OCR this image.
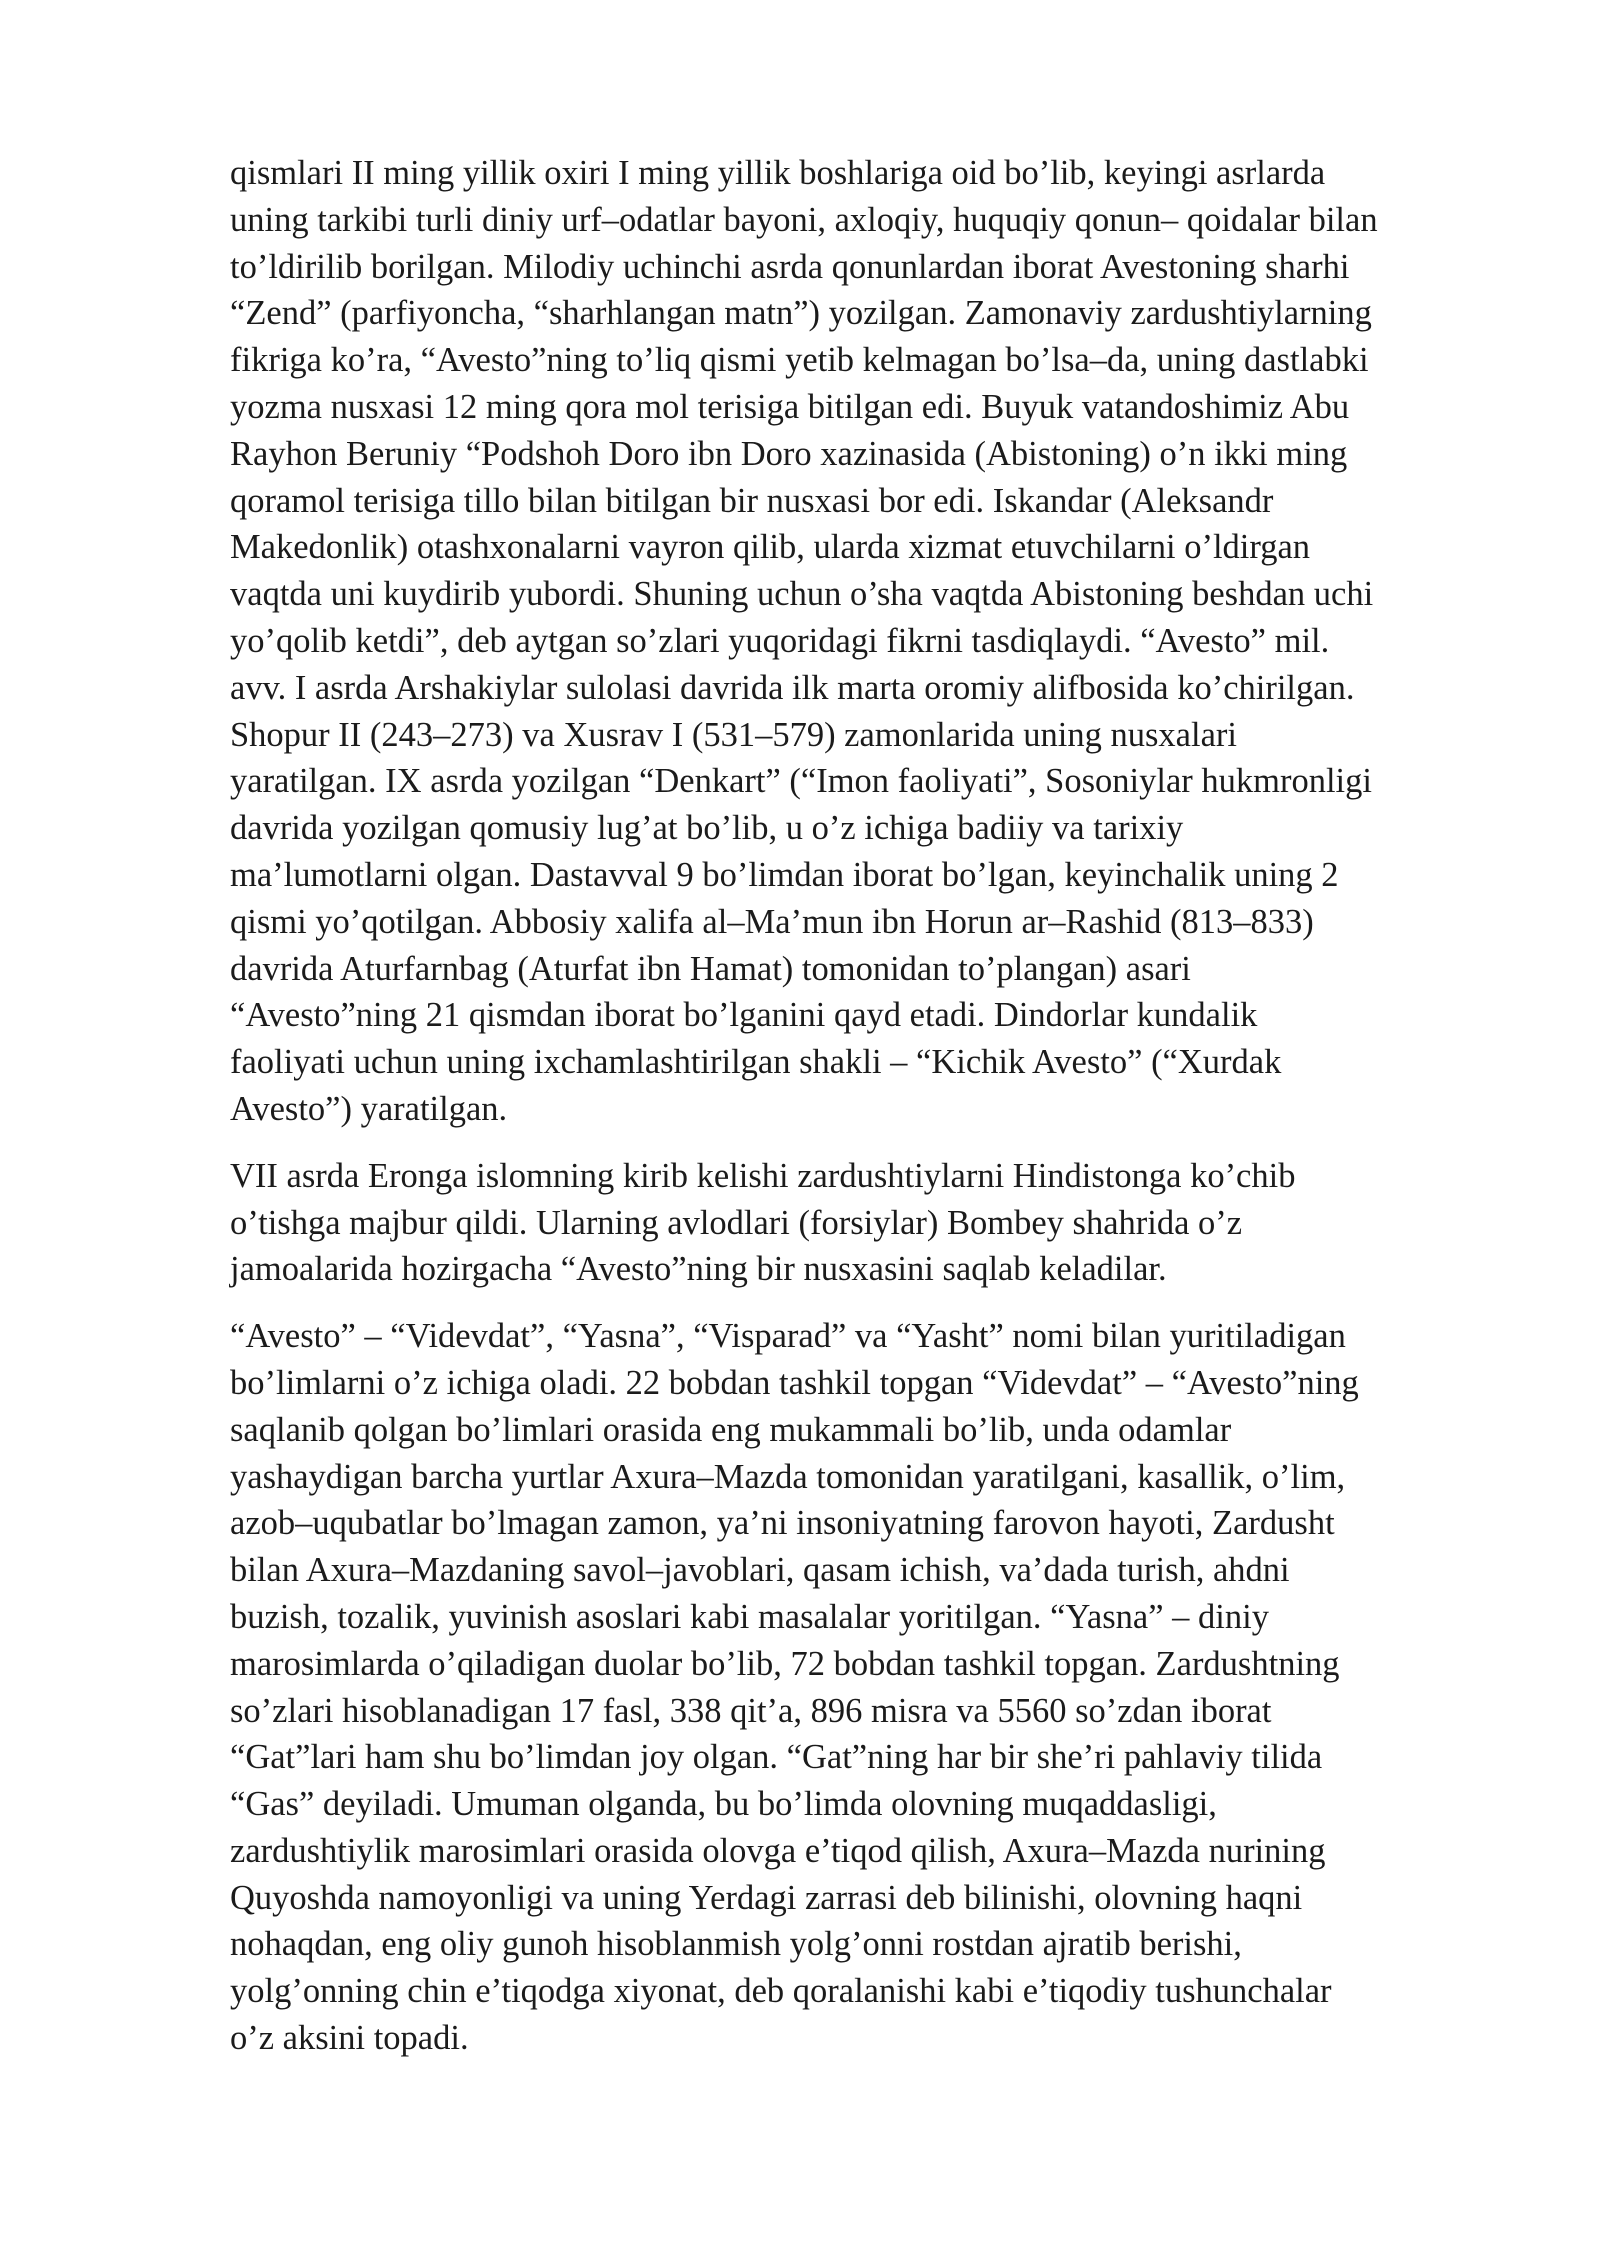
qismlari II ming yillik oxiri I ming yillik boshlariga oid bo’lib, keyingi asrlarda
uning tarkibi turli diniy urf–odatlar bayoni, axloqiy, huquqiy qonun– qoidalar bilan
to’ldirilib borilgan. Milodiy uchinchi asrda qonunlardan iborat Avestoning sharhi
“Zend” (parfiyoncha, “sharhlangan matn”) yozilgan. Zamonaviy zardushtiylarning
fikriga ko’ra, “Avesto”ning to’liq qismi yetib kelmagan bo’lsa–da, uning dastlabki
yozma nusxasi 12 ming qora mol terisiga bitilgan edi. Buyuk vatandoshimiz Abu
Rayhon Beruniy “Podshoh Doro ibn Doro xazinasida (Abistoning) o’n ikki ming
qoramol terisiga tillo bilan bitilgan bir nusxasi bor edi. Iskandar (Aleksandr
Makedonlik) otashxonalarni vayron qilib, ularda xizmat etuvchilarni o’ldirgan
vaqtda uni kuydirib yubordi. Shuning uchun o’sha vaqtda Abistoning beshdan uchi
yo’qolib ketdi”, deb aytgan so’zlari yuqoridagi fikrni tasdiqlaydi. “Avesto” mil.
avv. I asrda Arshakiylar sulolasi davrida ilk marta oromiy alifbosida ko’chirilgan.
Shopur II (243–273) va Xusrav I (531–579) zamonlarida uning nusxalari
yaratilgan. IX asrda yozilgan “Denkart” (“Imon faoliyati”, Sosoniylar hukmronligi
davrida yozilgan qomusiy lug’at bo’lib, u o’z ichiga badiiy va tarixiy
ma’lumotlarni olgan. Dastavval 9 bo’limdan iborat bo’lgan, keyinchalik uning 2
qismi yo’qotilgan. Abbosiy xalifa al–Ma’mun ibn Horun ar–Rashid (813–833)
davrida Aturfarnbag (Aturfat ibn Hamat) tomonidan to’plangan) asari
“Avesto”ning 21 qismdan iborat bo’lganini qayd etadi. Dindorlar kundalik
faoliyati uchun uning ixchamlashtirilgan shakli – “Kichik Avesto” (“Xurdak
Avesto”) yaratilgan.
VII asrda Eronga islomning kirib kelishi zardushtiylarni Hindistonga ko’chib
o’tishga majbur qildi. Ularning avlodlari (forsiylar) Bombey shahrida o’z
jamoalarida hozirgacha “Avesto”ning bir nusxasini saqlab keladilar.
“Avesto” – “Videvdat”, “Yasna”, “Visparad” va “Yasht” nomi bilan yuritiladigan
bo’limlarni o’z ichiga oladi. 22 bobdan tashkil topgan “Videvdat” – “Avesto”ning
saqlanib qolgan bo’limlari orasida eng mukammali bo’lib, unda odamlar
yashaydigan barcha yurtlar Axura–Mazda tomonidan yaratilgani, kasallik, o’lim,
azob–uqubatlar bo’lmagan zamon, ya’ni insoniyatning farovon hayoti, Zardusht
bilan Axura–Mazdaning savol–javoblari, qasam ichish, va’dada turish, ahdni
buzish, tozalik, yuvinish asoslari kabi masalalar yoritilgan. “Yasna” – diniy
marosimlarda o’qiladigan duolar bo’lib, 72 bobdan tashkil topgan. Zardushtning
so’zlari hisoblanadigan 17 fasl, 338 qit’a, 896 misra va 5560 so’zdan iborat
“Gat”lari ham shu bo’limdan joy olgan. “Gat”ning har bir she’ri pahlaviy tilida
“Gas” deyiladi. Umuman olganda, bu bo’limda olovning muqaddasligi,
zardushtiylik marosimlari orasida olovga e’tiqod qilish, Axura–Mazda nurining
Quyoshda namoyonligi va uning Yerdagi zarrasi deb bilinishi, olovning haqni
nohaqdan, eng oliy gunoh hisoblanmish yolg’onni rostdan ajratib berishi,
yolg’onning chin e’tiqodga xiyonat, deb qoralanishi kabi e’tiqodiy tushunchalar
o’z aksini topadi.
